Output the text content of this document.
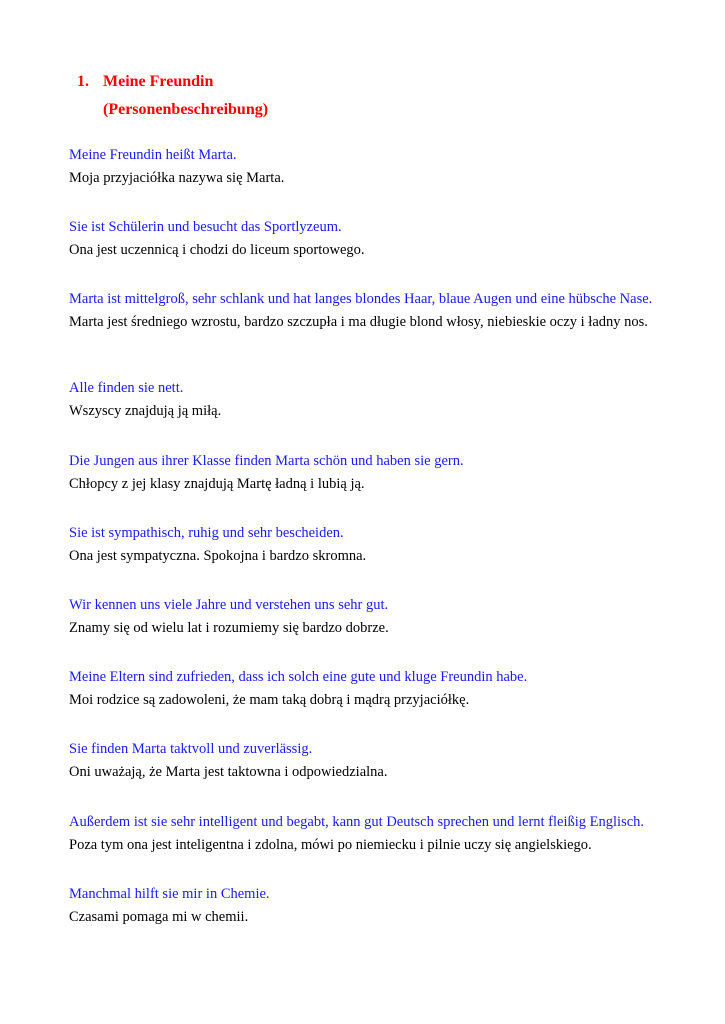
1. Meine Freundin
(Personenbeschreibung)
Meine Freundin heißt Marta.
Moja przyjaciółka nazywa się Marta.
Sie ist Schülerin und besucht das Sportlyzeum.
Ona jest uczennicą i chodzi do liceum sportowego.
Marta ist mittelgroß, sehr schlank und hat langes blondes Haar, blaue Augen und eine hübsche Nase.
Marta jest średniego wzrostu, bardzo szczupła i ma długie blond włosy, niebieskie oczy i ładny nos.
Alle finden sie nett.
Wszyscy znajdują ją miłą.
Die Jungen aus ihrer Klasse finden Marta schön und haben sie gern.
Chłopcy z jej klasy znajdują Martę ładną i lubią ją.
Sie ist sympathisch, ruhig und sehr bescheiden.
Ona jest sympatyczna. Spokojna i bardzo skromna.
Wir kennen uns viele Jahre und verstehen uns sehr gut.
Znamy się od wielu lat i rozumiemy się bardzo dobrze.
Meine Eltern sind zufrieden, dass ich solch eine gute und kluge Freundin habe.
Moi rodzice są zadowoleni, że mam taką dobrą i mądrą przyjaciółkę.
Sie finden Marta taktvoll und zuverlässig.
Oni uważają, że Marta jest taktowna i odpowiedzialna.
Außerdem ist sie sehr intelligent und begabt, kann gut Deutsch sprechen und lernt fleißig Englisch.
Poza tym ona jest inteligentna i zdolna, mówi po niemiecku i pilnie uczy się angielskiego.
Manchmal hilft sie mir in Chemie.
Czasami pomaga mi w chemii.
